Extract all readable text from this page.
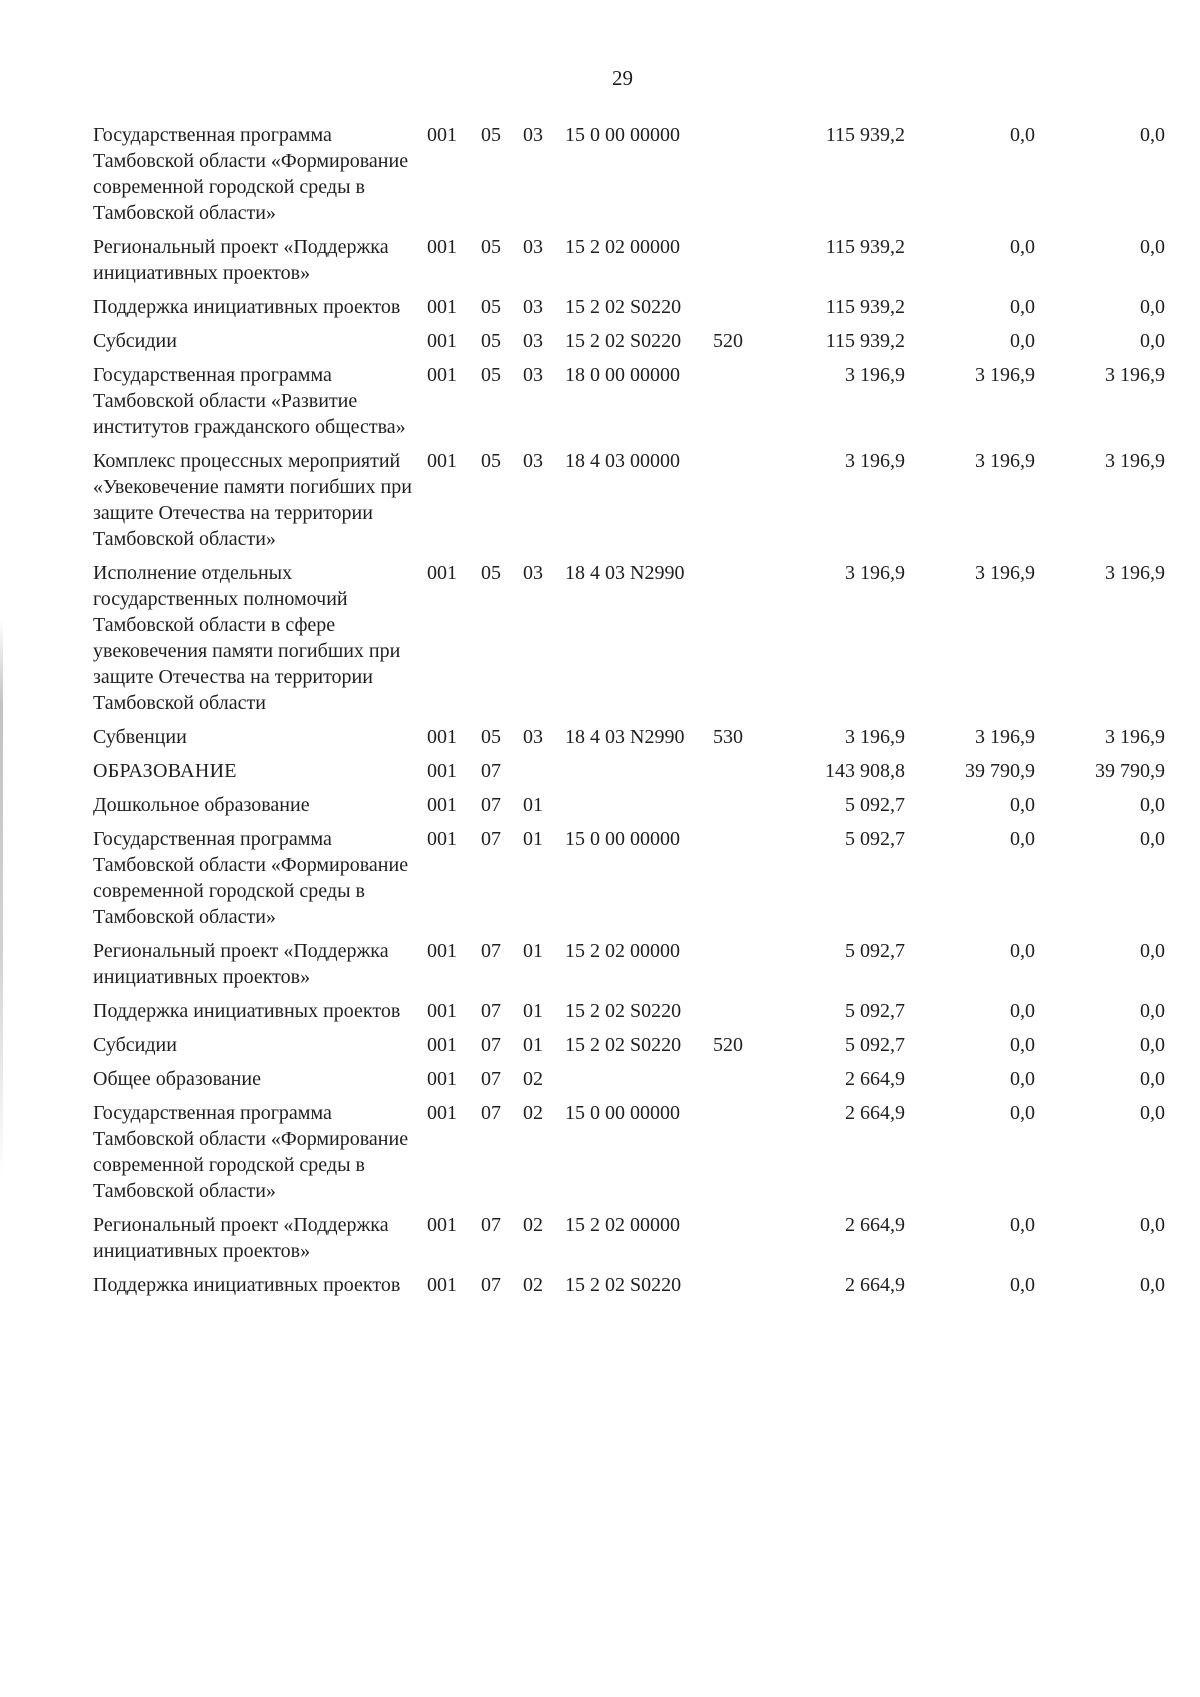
29
Государственная программа Тамбовской области «Формирование современной городской среды в Тамбовской области»	001	05	03	15 0 00 00000		115 939,2	0,0	0,0
Региональный проект «Поддержка инициативных проектов»	001	05	03	15 2 02 00000		115 939,2	0,0	0,0
Поддержка инициативных проектов	001	05	03	15 2 02 S0220		115 939,2	0,0	0,0
Субсидии	001	05	03	15 2 02 S0220	520	115 939,2	0,0	0,0
Государственная программа Тамбовской области «Развитие институтов гражданского общества»	001	05	03	18 0 00 00000		3 196,9	3 196,9	3 196,9
Комплекс процессных мероприятий «Увековечение памяти погибших при защите Отечества на территории Тамбовской области»	001	05	03	18 4 03 00000		3 196,9	3 196,9	3 196,9
Исполнение отдельных государственных полномочий Тамбовской области в сфере увековечения памяти погибших при защите Отечества на территории Тамбовской области	001	05	03	18 4 03 N2990		3 196,9	3 196,9	3 196,9
Субвенции	001	05	03	18 4 03 N2990	530	3 196,9	3 196,9	3 196,9
ОБРАЗОВАНИЕ	001	07				143 908,8	39 790,9	39 790,9
Дошкольное образование	001	07	01			5 092,7	0,0	0,0
Государственная программа Тамбовской области «Формирование современной городской среды в Тамбовской области»	001	07	01	15 0 00 00000		5 092,7	0,0	0,0
Региональный проект «Поддержка инициативных проектов»	001	07	01	15 2 02 00000		5 092,7	0,0	0,0
Поддержка инициативных проектов	001	07	01	15 2 02 S0220		5 092,7	0,0	0,0
Субсидии	001	07	01	15 2 02 S0220	520	5 092,7	0,0	0,0
Общее образование	001	07	02			2 664,9	0,0	0,0
Государственная программа Тамбовской области «Формирование современной городской среды в Тамбовской области»	001	07	02	15 0 00 00000		2 664,9	0,0	0,0
Региональный проект «Поддержка инициативных проектов»	001	07	02	15 2 02 00000		2 664,9	0,0	0,0
Поддержка инициативных проектов	001	07	02	15 2 02 S0220		2 664,9	0,0	0,0
